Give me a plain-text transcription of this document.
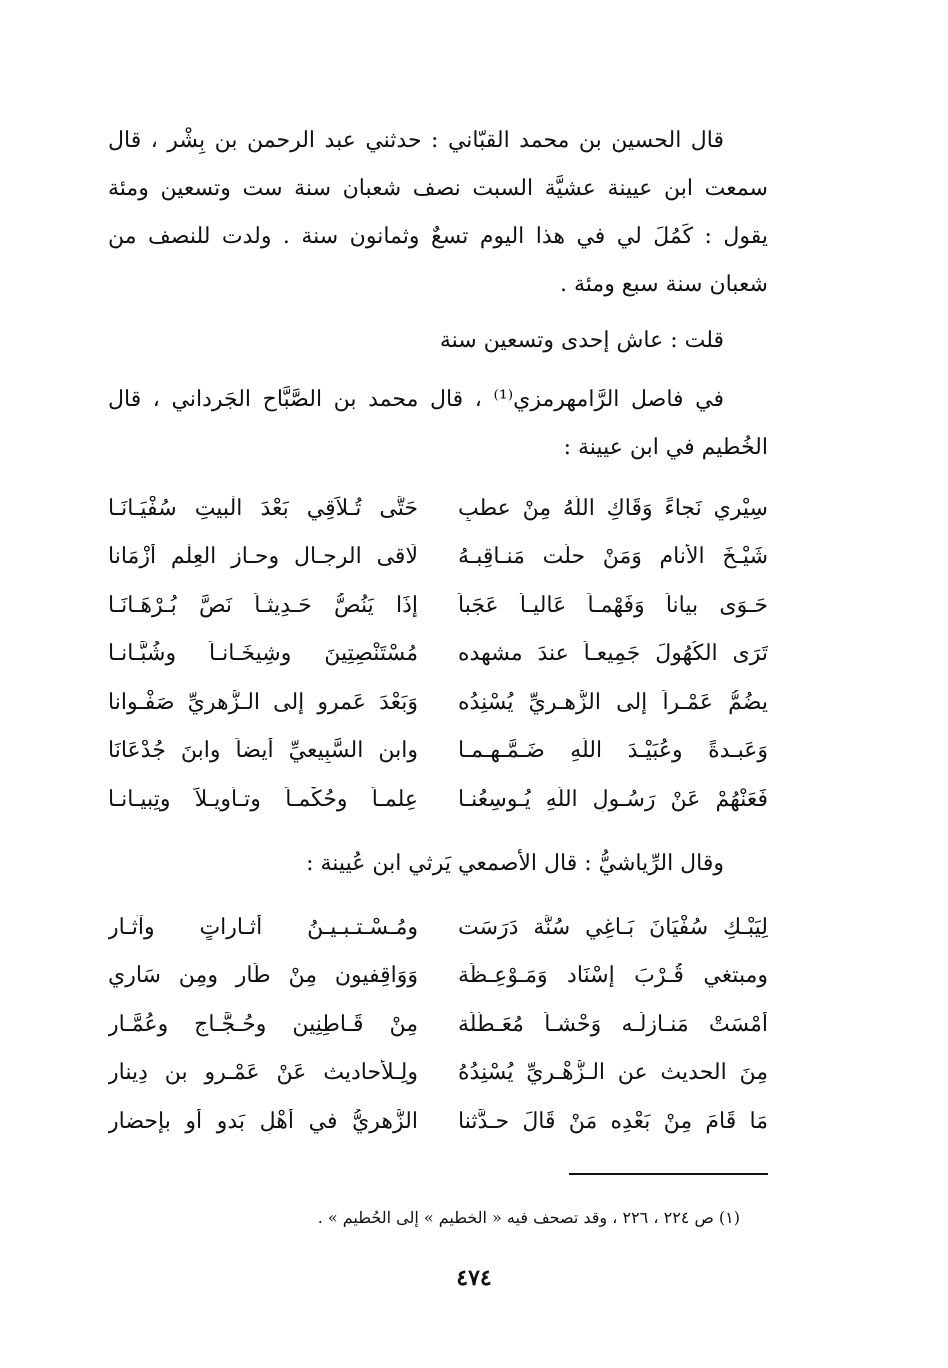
قال الحسين بن محمد القبّاني : حدثني عبد الرحمن بن بِشْر ، قال سمعت ابن عيينة عشيَّة السبت نصف شعبان سنة ست وتسعين ومئة يقول : كَمُلَ لي في هذا اليوم تسعٌ وثمانون سنة . ولدت للنصف من شعبان سنة سبع ومئة .
قلت : عاش إحدى وتسعين سنة
في فاصل الرَّامهرمزي⁽¹⁾ ، قال محمد بن الصَّبَّاح الجَرداني ، قال الخُطيم في ابن عيينة :
سِيْري نَجاءً وَقَاكِ اللَّهُ مِنْ عطبٍ
حَتَّى تُـلاَقِي بَعْدَ الْبيتِ سُفْيَـانَـا
شَيْـخَ الأَنامِ وَمَنْ حلّت مَنـاقِبـهُ
لَاقى الرجـال وحـاز العِلْم أَزْمَانا
حَـوَى بياناً وَفَهْمـاً عَاليـاً عَجَباً
إذَا يَنُصُّ حَـدِيثـاً نَصَّ بُـرْهَـانَـا
تَرَى الكُهُولَ جَمِيعـاً عندَ مشهده
مُسْتَنْصِتِينَ وشِيخَـانـاً وشُبَّـانـا
يضُمُّ عَمْـراً إلى الزُّهـريِّ يُسْنِدُه
وَبَعْدَ عَمرٍو إلى الـزُّهريِّ صَفْـوانا
وَعَبـدةً وعُبَيْـدَ اللَّهِ ضَـمَّـهـمـا
وابن السَّبِيعيِّ أيضاً وابنَ جُدْعَانَا
فَعَنْهُمْ عَنْ رَسُـولِ اللَّهِ يُـوسِعُنـا
عِلمـاً وحُكْمـاً وتـأويـلاً وتِبيـانـا
وقال الرِّياشيُّ : قال الأصمعي يَرثي ابن عُيينة :
لِيَبْـكِ سُفْيَانَ بَـاغِي سُنَّة دَرَسَت
ومُـسْـتـبـيـنُ أثـاراتٍ وآثـارِ
ومبتغي قُـرْبَ إسْنَاد وَمَـوْعِـظَة
وَوَاقِفيون مِنْ طَارٍ ومِن سَاري
أمْسَتْ مَنـازِلُـه وَحْشـاً مُعَـطَّلَة
مِنْ قَـاطِنِين وحُـجَّـاجٍ وعُمَّـارِ
مِنَ الحديث عن الـزُّهْـريِّ يُسْنِدُهُ
ولِـلأحاديث عَنْ عَمْـرو بن دِينارِ
مَا قَامَ مِنْ بَعْدِه مَنْ قَالَ حـدَّثنا
الزُّهريُّ في أهْلِ بَدوٍ أو بإحضار
(١) ص ٢٢٤ ، ٢٢٦ ، وقد تصحف فيه « الخطيم » إلى الحُطيم » .
٤٧٤
